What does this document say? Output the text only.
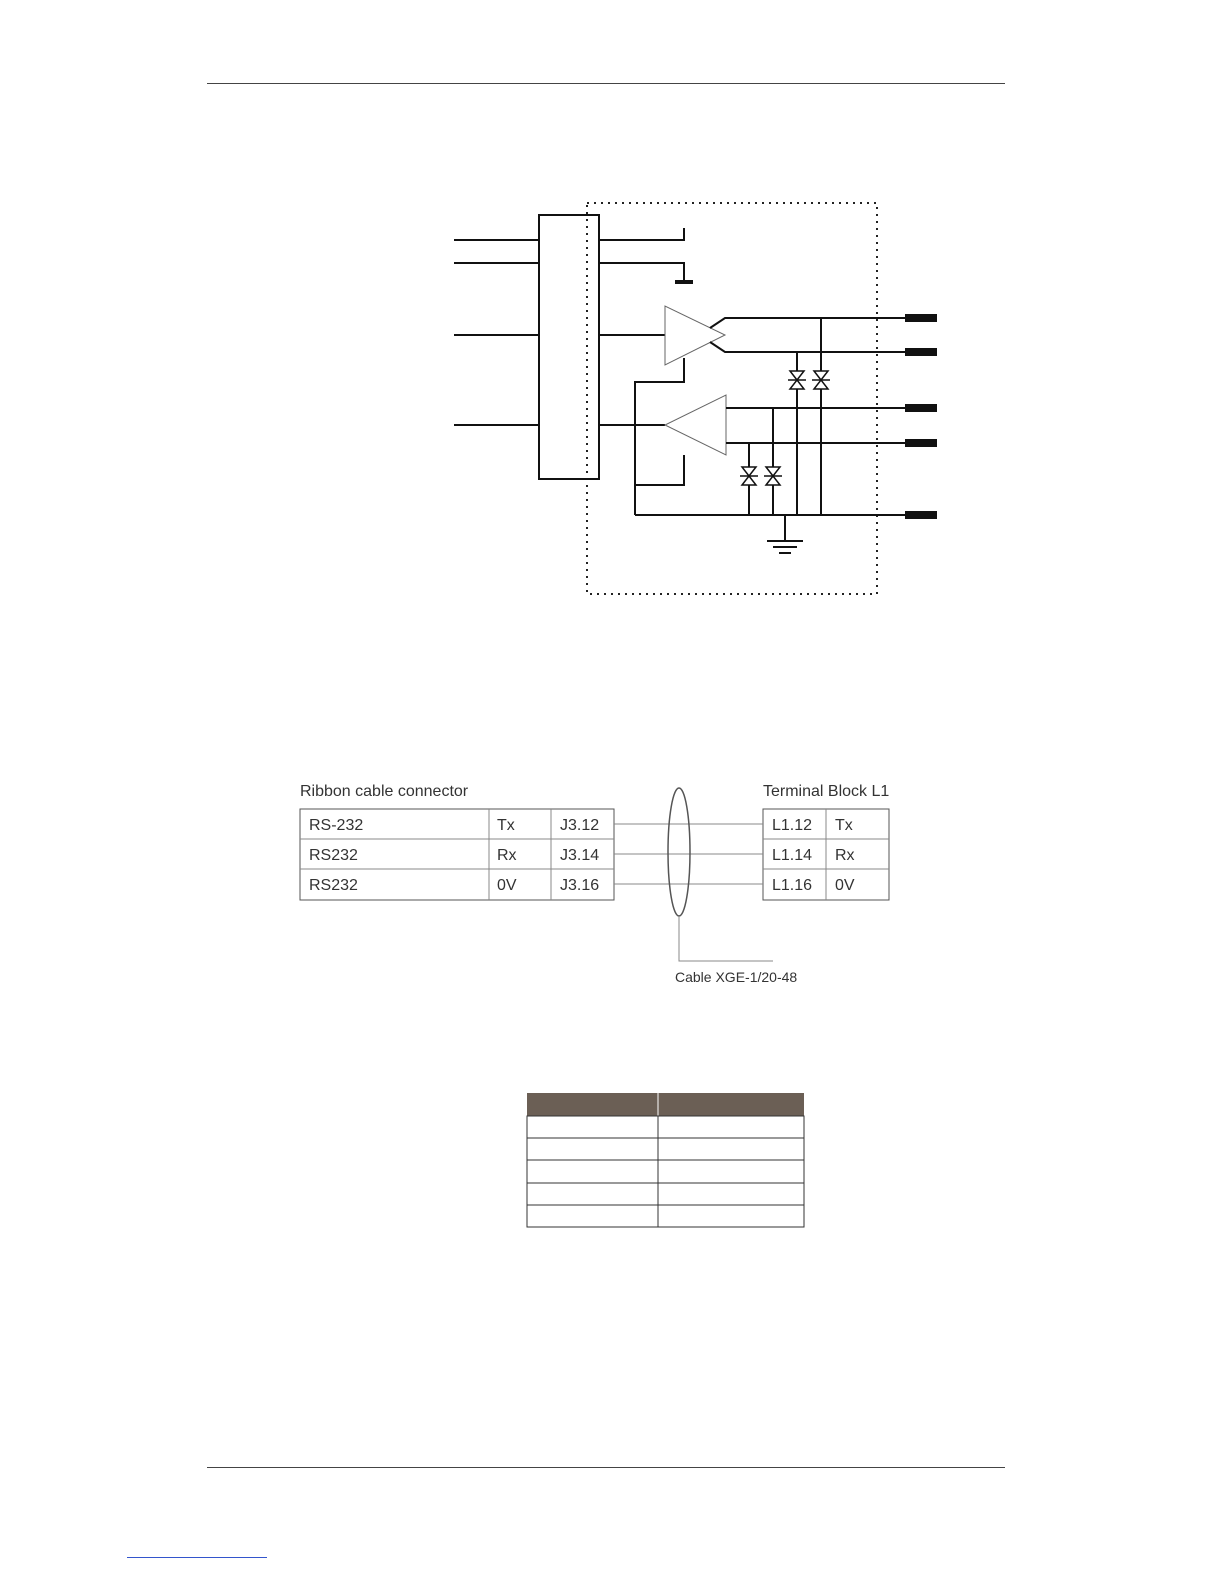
Ribbon cable connector	Terminal Block L1
RS-232	Tx	J3.12
RS232	Rx	J3.14
RS232	0V	J3.16
L1.12 Tx
L1.14 Rx
L1.16 0V
Cable XGE-1/20-48
